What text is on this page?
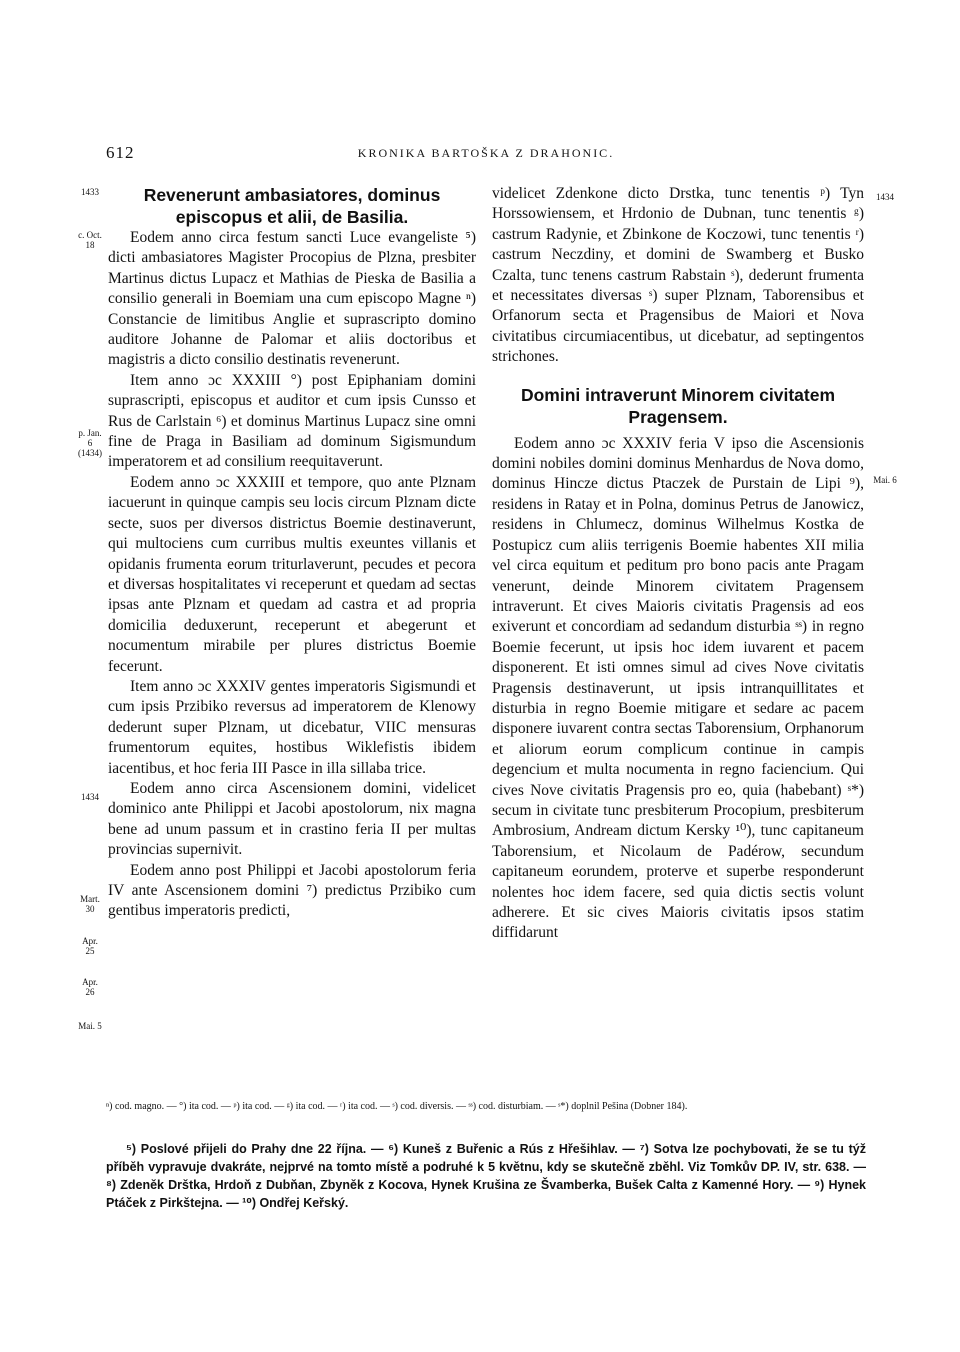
612	KRONIKA BARTOŠKA Z DRAHONIC.
1433
c. Oct. 18
p. Jan. 6 (1434)
1434
Mart. 30
Apr. 25
Apr. 26
Mai. 5
1434
Mai. 6
Revenerunt ambasiatores, dominus episcopus et alii, de Basilia.

Eodem anno circa festum sancti Luce evangeliste ⁵) dicti ambasiatores Magister Procopius de Plzna, presbiter Martinus dictus Lupacz et Mathias de Pieska de Basilia a consilio generali in Boemiam una cum episcopo Magne ⁿ) Constancie de limitibus Anglie et suprascripto domino auditore Johanne de Palomar et aliis doctoribus et magistris a dicto consilio destinatis revenerunt.

Item anno ɔc XXXIII °) post Epiphaniam domini suprascripti, episcopus et auditor et cum ipsis Cunsso et Rus de Carlstain ⁶) et dominus Martinus Lupacz sine omni fine de Praga in Basiliam ad dominum Sigismundum imperatorem et ad consilium reequitaverunt.

Eodem anno ɔc XXXIII et tempore, quo ante Plznam iacuerunt in quinque campis seu locis circum Plznam dicte secte, suos per diversos districtus Boemie destinaverunt, qui multociens cum curribus multis exeuntes villanis et opidanis frumenta eorum triturlaverunt, pecudes et pecora et diversas hospitalitates vi receperunt et quedam ad sectas ipsas ante Plznam et quedam ad castra et ad propria domicilia deduxerunt, receperunt et abegerunt et nocumentum mirabile per plures districtus Boemie fecerunt.

Item anno ɔc XXXIV gentes imperatoris Sigismundi et cum ipsis Przibiko reversus ad imperatorem de Klenowy dederunt super Plznam, ut dicebatur, VIIC mensuras frumentorum equites, hostibus Wiklefistis ibidem iacentibus, et hoc feria III Pasce in illa sillaba trice.

Eodem anno circa Ascensionem domini, videlicet dominico ante Philippi et Jacobi apostolorum, nix magna bene ad unum passum et in crastino feria II per multas provincias supernivit.

Eodem anno post Philippi et Jacobi apostolorum feria IV ante Ascensionem domini ⁷) predictus Przibiko cum gentibus imperatoris predicti,

videlicet Zdenkone dicto Drstka, tunc tenentis ᵖ) Tyn Horssowiensem, et Hrdonio de Dubnan, tunc tenentis ᵍ) castrum Radynie, et Zbinkone de Koczowi, tunc tenentis ʳ) castrum Neczdiny, et domini de Swamberg et Busko Czalta, tunc tenens castrum Rabstain ˢ), dederunt frumenta et necessitates diversas ˢ) super Plznam, Taborensibus et Orfanorum secta et Pragensibus de Maiori et Nova civitatibus circumiacentibus, ut dicebatur, ad septingentos strichones.

Domini intraverunt Minorem civitatem Pragensem.

Eodem anno ɔc XXXIV feria V ipso die Ascensionis domini nobiles domini dominus Menhardus de Nova domo, dominus Hincze dictus Ptaczek de Purstain de Lipi ⁹), residens in Ratay et in Polna, dominus Petrus de Janowicz, residens in Chlumecz, dominus Wilhelmus Kostka de Postupicz cum aliis terrigenis Boemie habentes XII milia vel circa equitum et peditum pro bono pacis ante Pragam venerunt, deinde Minorem civitatem Pragensem intraverunt. Et cives Maioris civitatis Pragensis ad eos exiverunt et concordiam ad sedandum disturbia ˢˢ) in regno Boemie fecerunt, ut ipsis hoc idem iuvarent et pacem disponerent. Et isti omnes simul ad cives Nove civitatis Pragensis destinaverunt, ut ipsis intranquillitates et disturbia in regno Boemie mitigare et sedare ac pacem disponere iuvarent contra sectas Taborensium, Orphanorum et aliorum eorum complicum continue in campis degencium et multa nocumenta in regno faciencium. Qui cives Nove civitatis Pragensis pro eo, quia (habebant) ˢ*) secum in civitate tunc presbiterum Procopium, presbiterum Ambrosium, Andream dictum Kersky ¹⁰), tunc capitaneum Taborensium, et Nicolaum de Padérow, secundum capitaneum eorundem, proterve et superbe responderunt nolentes hoc idem facere, sed quia dictis sectis volunt adherere. Et sic cives Maioris civitatis ipsos statim diffidarunt

ⁿ) cod. magno. — °) ita cod. — ᵖ) ita cod. — ᵍ) ita cod. — ʳ) ita cod. — ˢ) cod. diversis. — ˢˢ) cod. disturbiam. — ˢ*) doplnil Pešina (Dobner 184).

⁵) Poslové přijeli do Prahy dne 22 října. — ⁶) Kuneš z Buřenic a Rús z Hřešihlav. — ⁷) Sotva lze pochybovati, že se tu týž příběh vypravuje dvakráte, nejprvé na tomto místě a podruhé k 5 květnu, kdy se skutečně zběhl. Viz Tomkův DP. IV, str. 638. — ⁸) Zdeněk Drštka, Hrdoň z Dubňan, Zbyněk z Kocova, Hynek Krušina ze Švamberka, Bušek Calta z Kamenné Hory. — ⁹) Hynek Ptáček z Pirkštejna. — ¹⁰) Ondřej Keřský.
